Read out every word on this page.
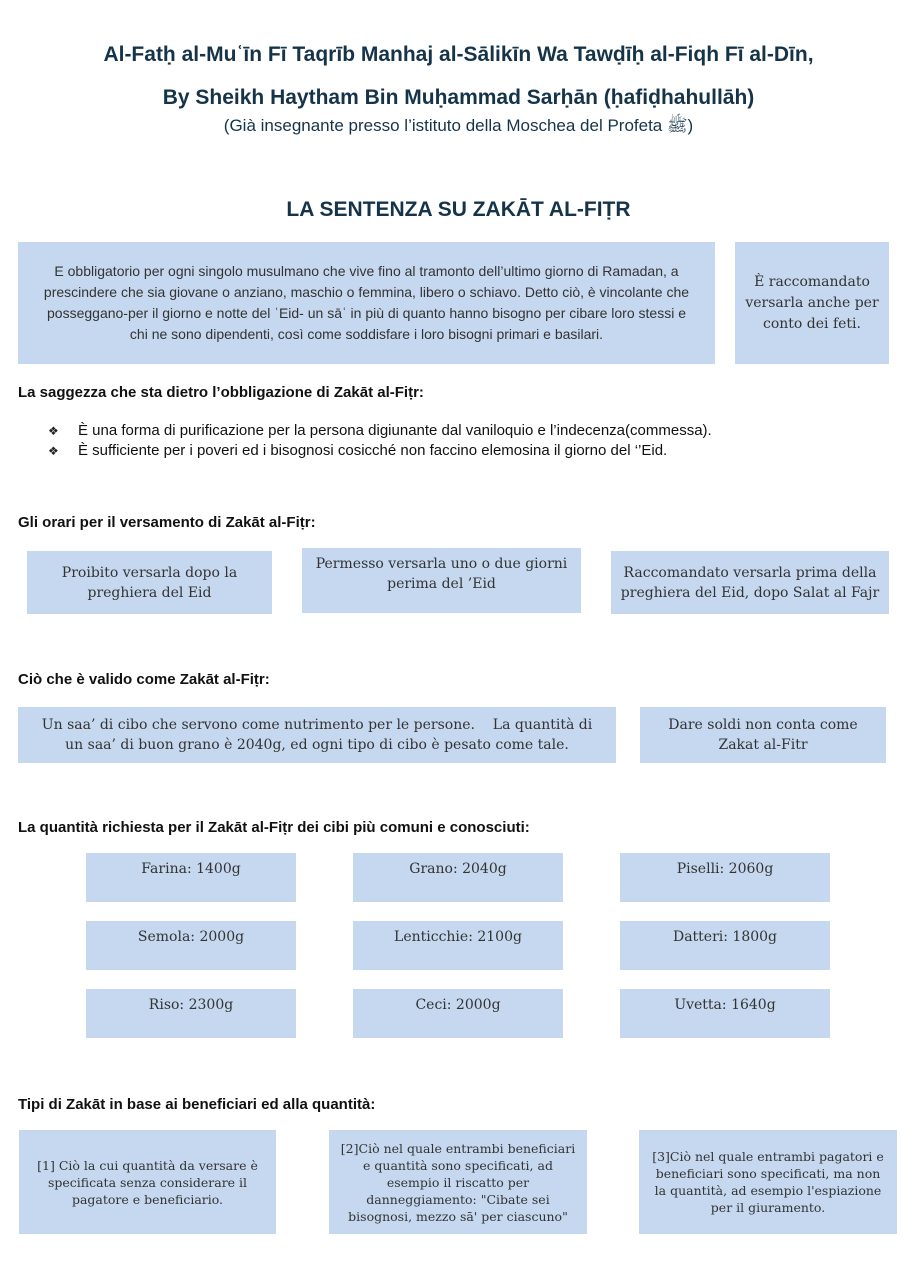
Al-Fatḥ al-Muʿīn Fī Taqrīb Manhaj al-Sālikīn Wa Tawḍīḥ al-Fiqh Fī al-Dīn,
By Sheikh Haytham Bin Muḥammad Sarḥān (ḥafiḍhahullāh)
(Già insegnante presso l’istituto della Moschea del Profeta ﷺ)
LA SENTENZA SU ZAKĀT AL-FIṬR
E obbligatorio per ogni singolo musulmano che vive fino al tramonto dell’ultimo giorno di Ramadan, a prescindere che sia giovane o anziano, maschio o femmina, libero o schiavo. Detto ciò, è vincolante che posseggano-per il giorno e notte del ʿEid- un sāʿ in più di quanto hanno bisogno per cibare loro stessi e chi ne sono dipendenti, così come soddisfare i loro bisogni primari e basilari.
È raccomandato versarla anche per conto dei feti.
La saggezza che sta dietro l’obbligazione di Zakāt al-Fiṭr:
❖	È una forma di purificazione per la persona digiunante dal vaniloquio e l’indecenza(commessa).
❖	È sufficiente per i poveri ed i bisognosi cosicché non faccino elemosina il giorno del ‘’Eid.
Gli orari per il versamento di Zakāt al-Fiṭr:
Proibito versarla dopo la preghiera del Eid
Permesso versarla uno o due giorni perima del ’Eid
Raccomandato versarla prima della preghiera del Eid, dopo Salat al Fajr
Ciò che è valido come Zakāt al-Fiṭr:
Un saa’ di cibo che servono come nutrimento per le persone.    La quantità di un saa’ di buon grano è 2040g, ed ogni tipo di cibo è pesato come tale.
Dare soldi non conta come Zakat al-Fitr
La quantità richiesta per il Zakāt al-Fiṭr dei cibi più comuni e conosciuti:
Farina: 1400g	Grano: 2040g	Piselli: 2060g
Semola: 2000g	Lenticchie: 2100g	Datteri: 1800g
Riso: 2300g	Ceci: 2000g	Uvetta: 1640g
Tipi di Zakāt in base ai beneficiari ed alla quantità:
[1] Ciò la cui quantità da versare è specificata senza considerare il pagatore e beneficiario.
[2]Ciò nel quale entrambi beneficiari e quantità sono specificati, ad esempio il riscatto per danneggiamento: "Cibate sei bisognosi, mezzo sā' per ciascuno"
[3]Ciò nel quale entrambi pagatori e beneficiari sono specificati, ma non la quantità, ad esempio l'espiazione per il giuramento.
